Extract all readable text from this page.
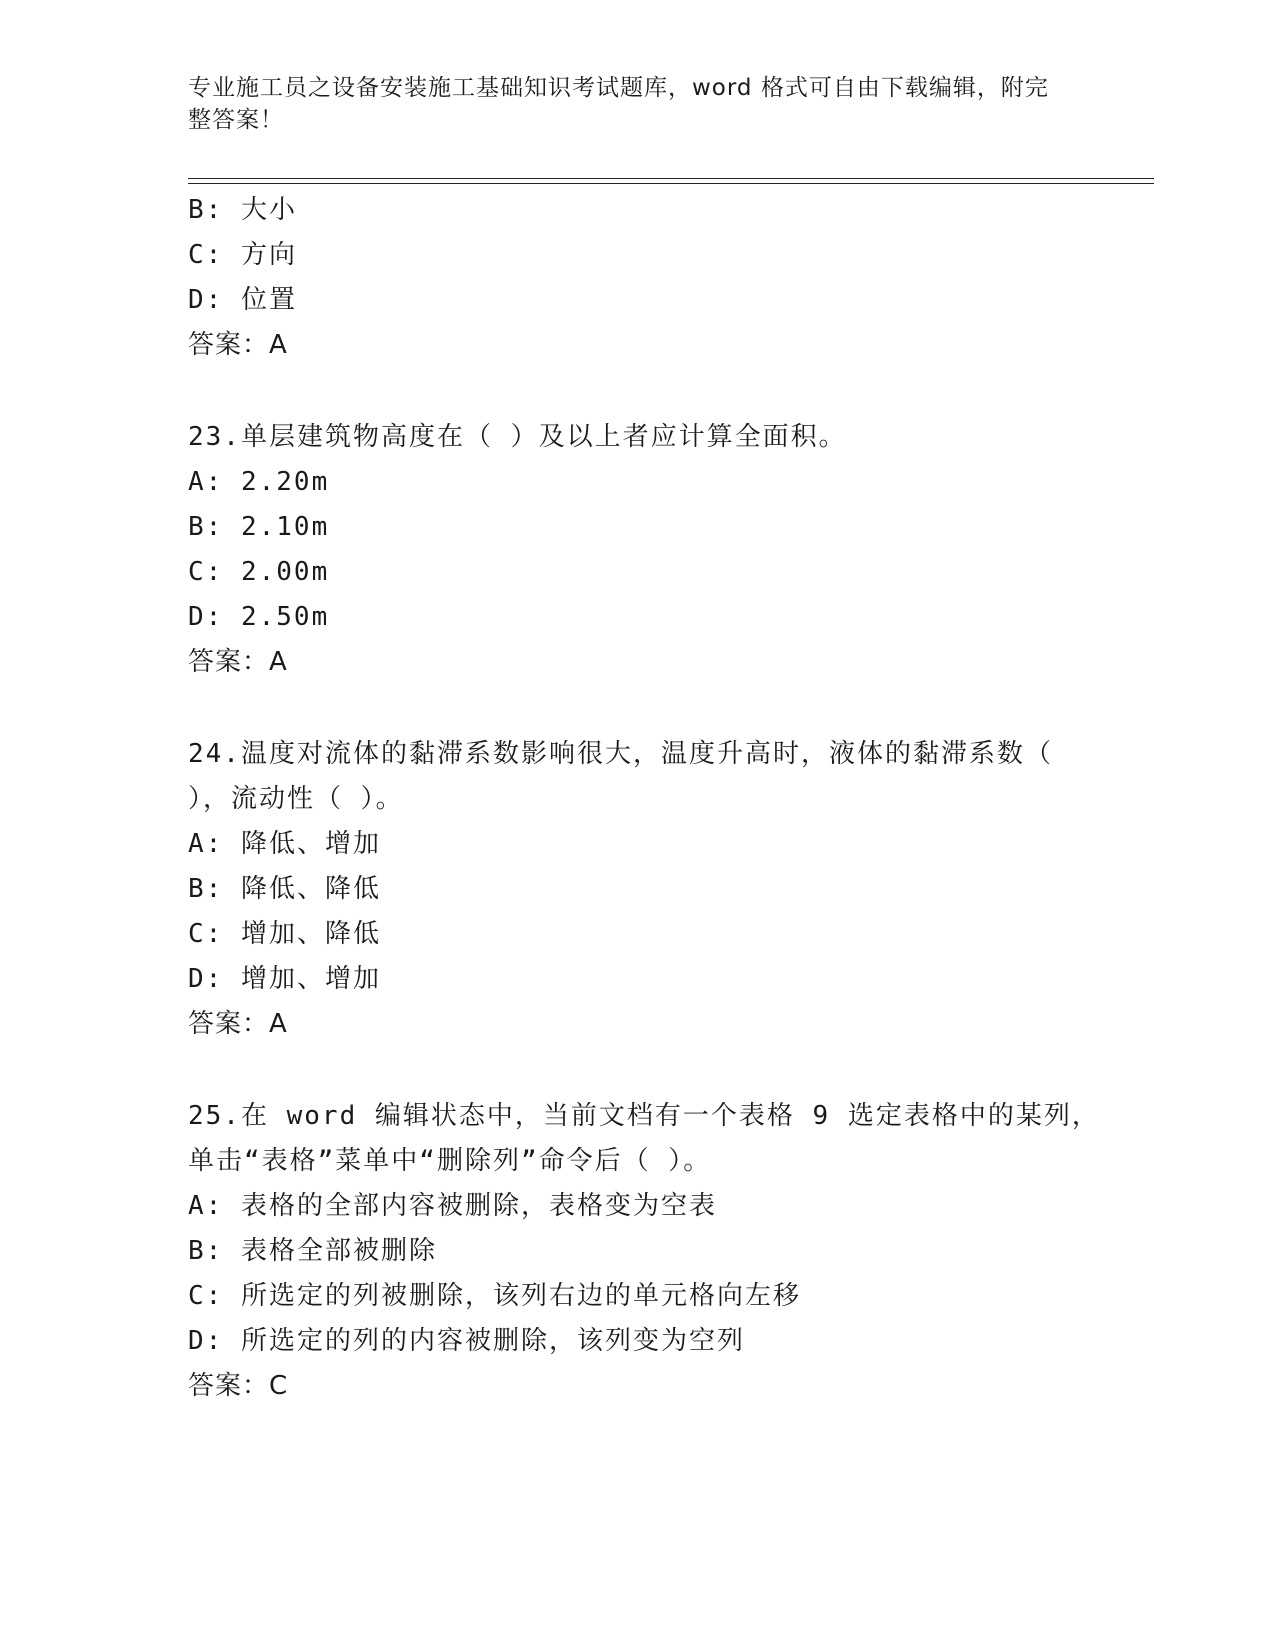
专业施工员之设备安装施工基础知识考试题库，word 格式可自由下载编辑，附完
整答案！
B: 大小
C: 方向
D: 位置
答案：A
23.单层建筑物高度在（ ）及以上者应计算全面积。
A: 2.20m
B: 2.10m
C: 2.00m
D: 2.50m
答案：A
24.温度对流体的黏滞系数影响很大，温度升高时，液体的黏滞系数（
），流动性（ ）。
A: 降低、增加
B: 降低、降低
C: 增加、降低
D: 增加、增加
答案：A
25.在 word 编辑状态中，当前文档有一个表格 9 选定表格中的某列，
单击“表格”菜单中“删除列”命令后（ ）。
A: 表格的全部内容被删除，表格变为空表
B: 表格全部被删除
C: 所选定的列被删除，该列右边的单元格向左移
D: 所选定的列的内容被删除，该列变为空列
答案：C
